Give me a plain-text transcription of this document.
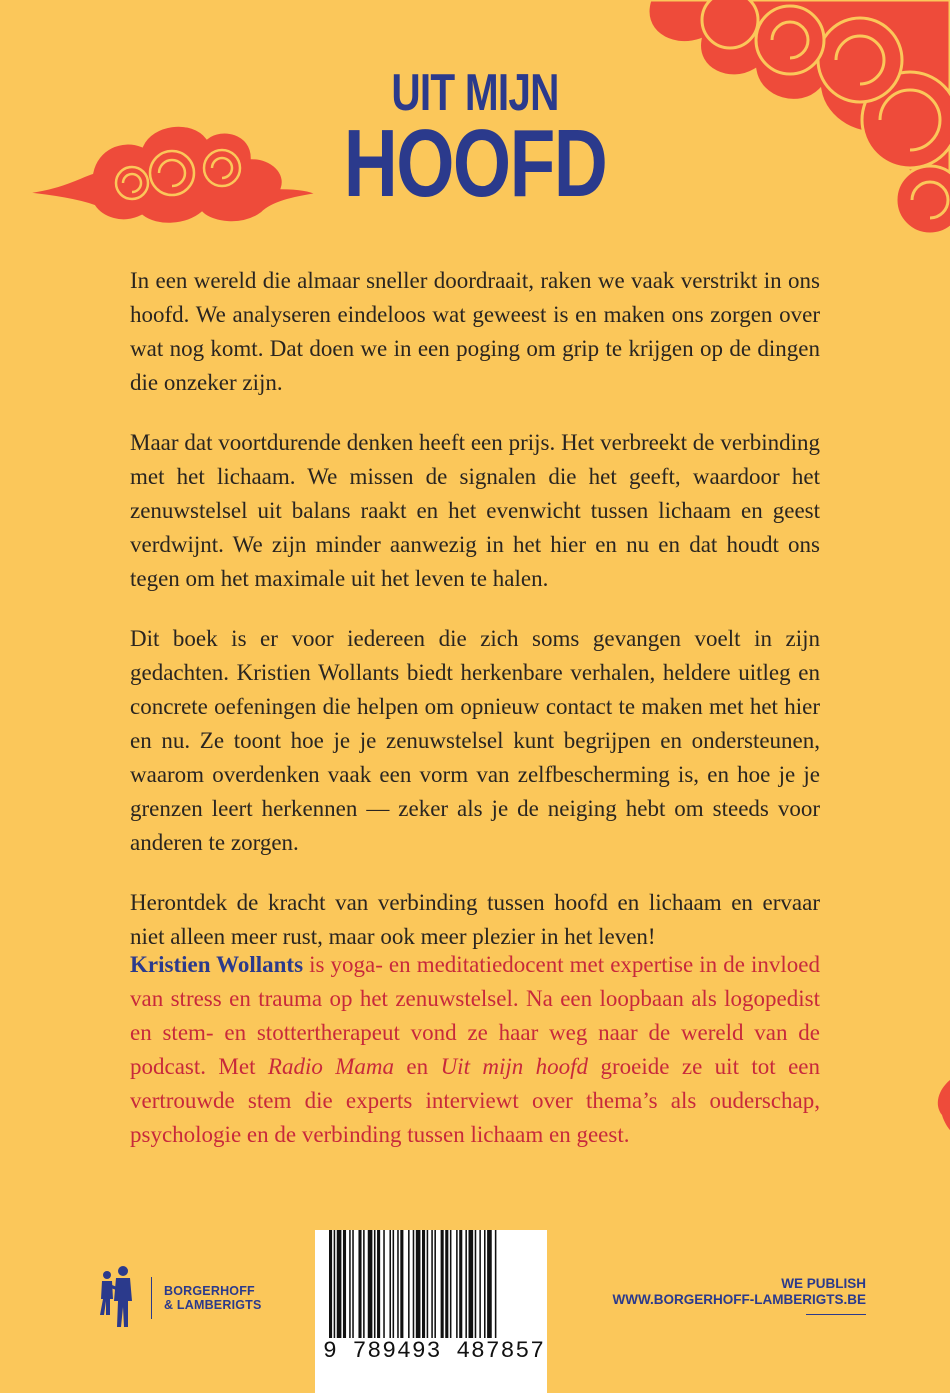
UIT MIJN
HOOFD

In een wereld die almaar sneller doordraait, raken we vaak verstrikt in ons hoofd. We analyseren eindeloos wat geweest is en maken ons zorgen over wat nog komt. Dat doen we in een poging om grip te krijgen op de dingen die onzeker zijn.

Maar dat voortdurende denken heeft een prijs. Het verbreekt de verbinding met het lichaam. We missen de signalen die het geeft, waardoor het zenuwstelsel uit balans raakt en het evenwicht tussen lichaam en geest verdwijnt. We zijn minder aanwezig in het hier en nu en dat houdt ons tegen om het maximale uit het leven te halen.

Dit boek is er voor iedereen die zich soms gevangen voelt in zijn gedachten. Kristien Wollants biedt herkenbare verhalen, heldere uitleg en concrete oefeningen die helpen om opnieuw contact te maken met het hier en nu. Ze toont hoe je je zenuwstelsel kunt begrijpen en ondersteunen, waarom overdenken vaak een vorm van zelfbescherming is, en hoe je je grenzen leert herkennen — zeker als je de neiging hebt om steeds voor anderen te zorgen.

Herontdek de kracht van verbinding tussen hoofd en lichaam en ervaar niet alleen meer rust, maar ook meer plezier in het leven!

Kristien Wollants is yoga- en meditatiedocent met expertise in de invloed van stress en trauma op het zenuwstelsel. Na een loopbaan als logopedist en stem- en stottertherapeut vond ze haar weg naar de wereld van de podcast. Met Radio Mama en Uit mijn hoofd groeide ze uit tot een vertrouwde stem die experts interviewt over thema’s als ouderschap, psychologie en de verbinding tussen lichaam en geest.
BORGERHOFF
& LAMBERIGTS
9 789493 487857
WE PUBLISH
WWW.BORGERHOFF-LAMBERIGTS.BE
